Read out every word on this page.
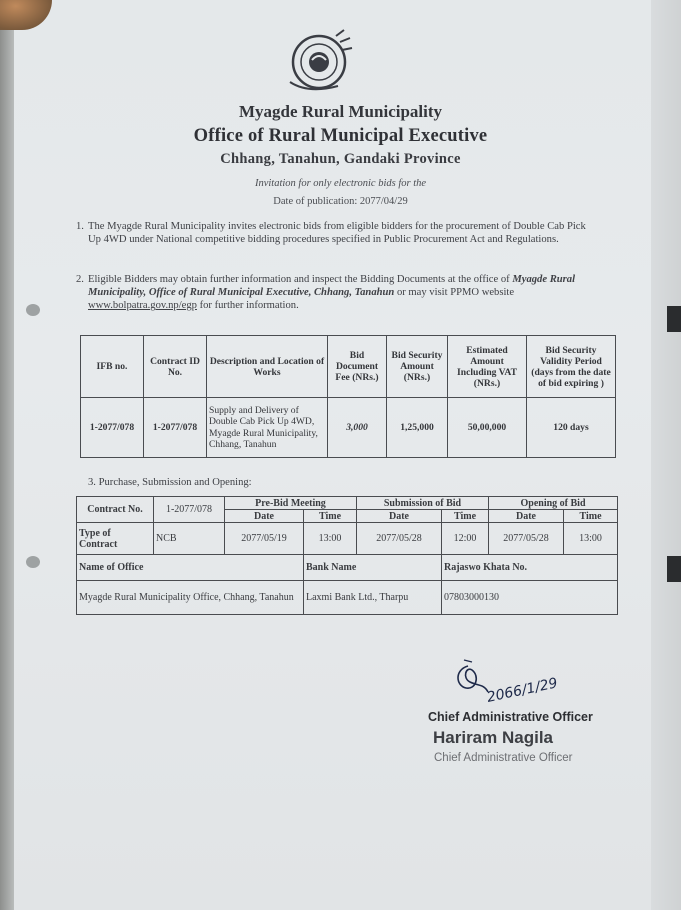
Myagde Rural Municipality
Office of Rural Municipal Executive
Chhang, Tanahun, Gandaki Province
Invitation for only electronic bids for the
Date of publication: 2077/04/29
1. The Myagde Rural Municipality invites electronic bids from eligible bidders for the procurement of Double Cab Pick Up 4WD under National competitive bidding procedures specified in Public Procurement Act and Regulations.
2. Eligible Bidders may obtain further information and inspect the Bidding Documents at the office of Myagde Rural Municipality, Office of Rural Municipal Executive, Chhang, Tanahun or may visit PPMO website www.bolpatra.gov.np/egp for further information.
IFB no.	Contract ID No.	Description and Location of Works	Bid Document Fee (NRs.)	Bid Security Amount (NRs.)	Estimated Amount Including VAT (NRs.)	Bid Security Validity Period (days from the date of bid expiring )
1-2077/078	1-2077/078	Supply and Delivery of Double Cab Pick Up 4WD, Myagde Rural Municipality, Chhang, Tanahun	3,000	1,25,000	50,00,000	120 days
3. Purchase, Submission and Opening:
Contract No.	1-2077/078	Pre-Bid Meeting		Submission of Bid		Opening of Bid	
		Date	Time	Date	Time	Date	Time
Type of Contract	NCB	2077/05/19	13:00	2077/05/28	12:00	2077/05/28	13:00
Name of Office			Bank Name		Rajaswo Khata No.		
Myagde Rural Municipality Office, Chhang, Tanahun			Laxmi Bank Ltd., Tharpu		07803000130		
2066/1/29
Chief Administrative Officer
Hariram Nagila
Chief Administrative Officer
